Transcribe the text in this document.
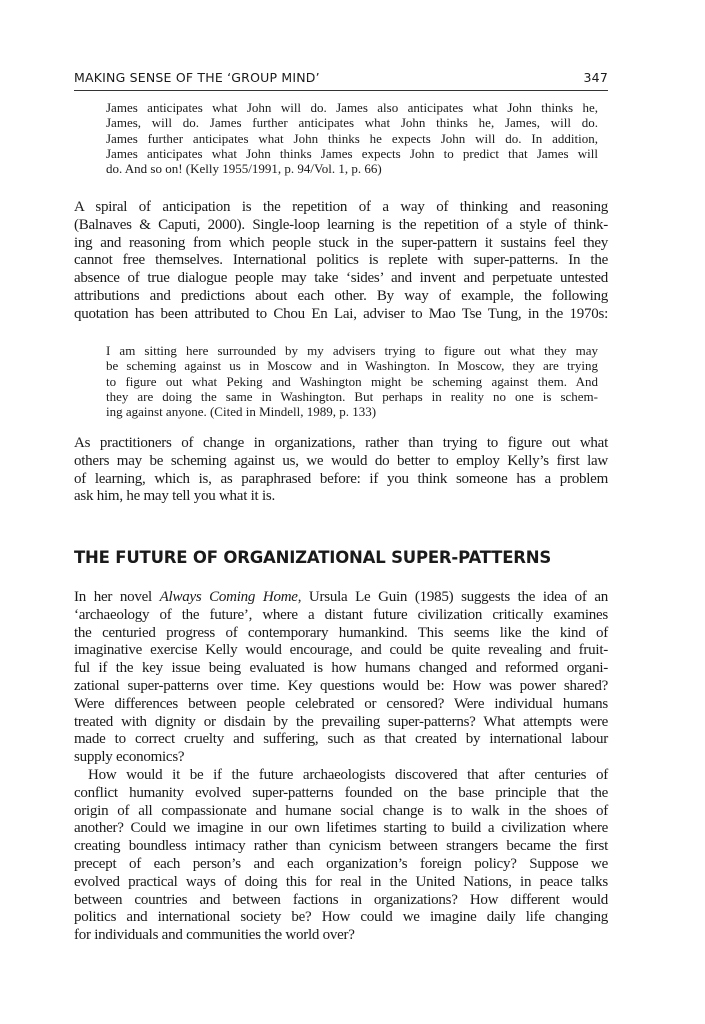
MAKING SENSE OF THE ‘GROUP MIND’	347
James anticipates what John will do. James also anticipates what John thinks he,
James, will do. James further anticipates what John thinks he, James, will do.
James further anticipates what John thinks he expects John will do. In addition,
James anticipates what John thinks James expects John to predict that James will
do. And so on! (Kelly 1955/1991, p. 94/Vol. 1, p. 66)
A spiral of anticipation is the repetition of a way of thinking and reasoning
(Balnaves & Caputi, 2000). Single-loop learning is the repetition of a style of think-
ing and reasoning from which people stuck in the super-pattern it sustains feel they
cannot free themselves. International politics is replete with super-patterns. In the
absence of true dialogue people may take ‘sides’ and invent and perpetuate untested
attributions and predictions about each other. By way of example, the following
quotation has been attributed to Chou En Lai, adviser to Mao Tse Tung, in the 1970s:
I am sitting here surrounded by my advisers trying to figure out what they may
be scheming against us in Moscow and in Washington. In Moscow, they are trying
to figure out what Peking and Washington might be scheming against them. And
they are doing the same in Washington. But perhaps in reality no one is schem-
ing against anyone. (Cited in Mindell, 1989, p. 133)
As practitioners of change in organizations, rather than trying to figure out what
others may be scheming against us, we would do better to employ Kelly’s first law
of learning, which is, as paraphrased before: if you think someone has a problem
ask him, he may tell you what it is.
THE FUTURE OF ORGANIZATIONAL SUPER-PATTERNS
In her novel Always Coming Home, Ursula Le Guin (1985) suggests the idea of an
‘archaeology of the future’, where a distant future civilization critically examines
the centuried progress of contemporary humankind. This seems like the kind of
imaginative exercise Kelly would encourage, and could be quite revealing and fruit-
ful if the key issue being evaluated is how humans changed and reformed organi-
zational super-patterns over time. Key questions would be: How was power shared?
Were differences between people celebrated or censored? Were individual humans
treated with dignity or disdain by the prevailing super-patterns? What attempts were
made to correct cruelty and suffering, such as that created by international labour
supply economics?
How would it be if the future archaeologists discovered that after centuries of
conflict humanity evolved super-patterns founded on the base principle that the
origin of all compassionate and humane social change is to walk in the shoes of
another? Could we imagine in our own lifetimes starting to build a civilization where
creating boundless intimacy rather than cynicism between strangers became the first
precept of each person’s and each organization’s foreign policy? Suppose we
evolved practical ways of doing this for real in the United Nations, in peace talks
between countries and between factions in organizations? How different would
politics and international society be? How could we imagine daily life changing
for individuals and communities the world over?
